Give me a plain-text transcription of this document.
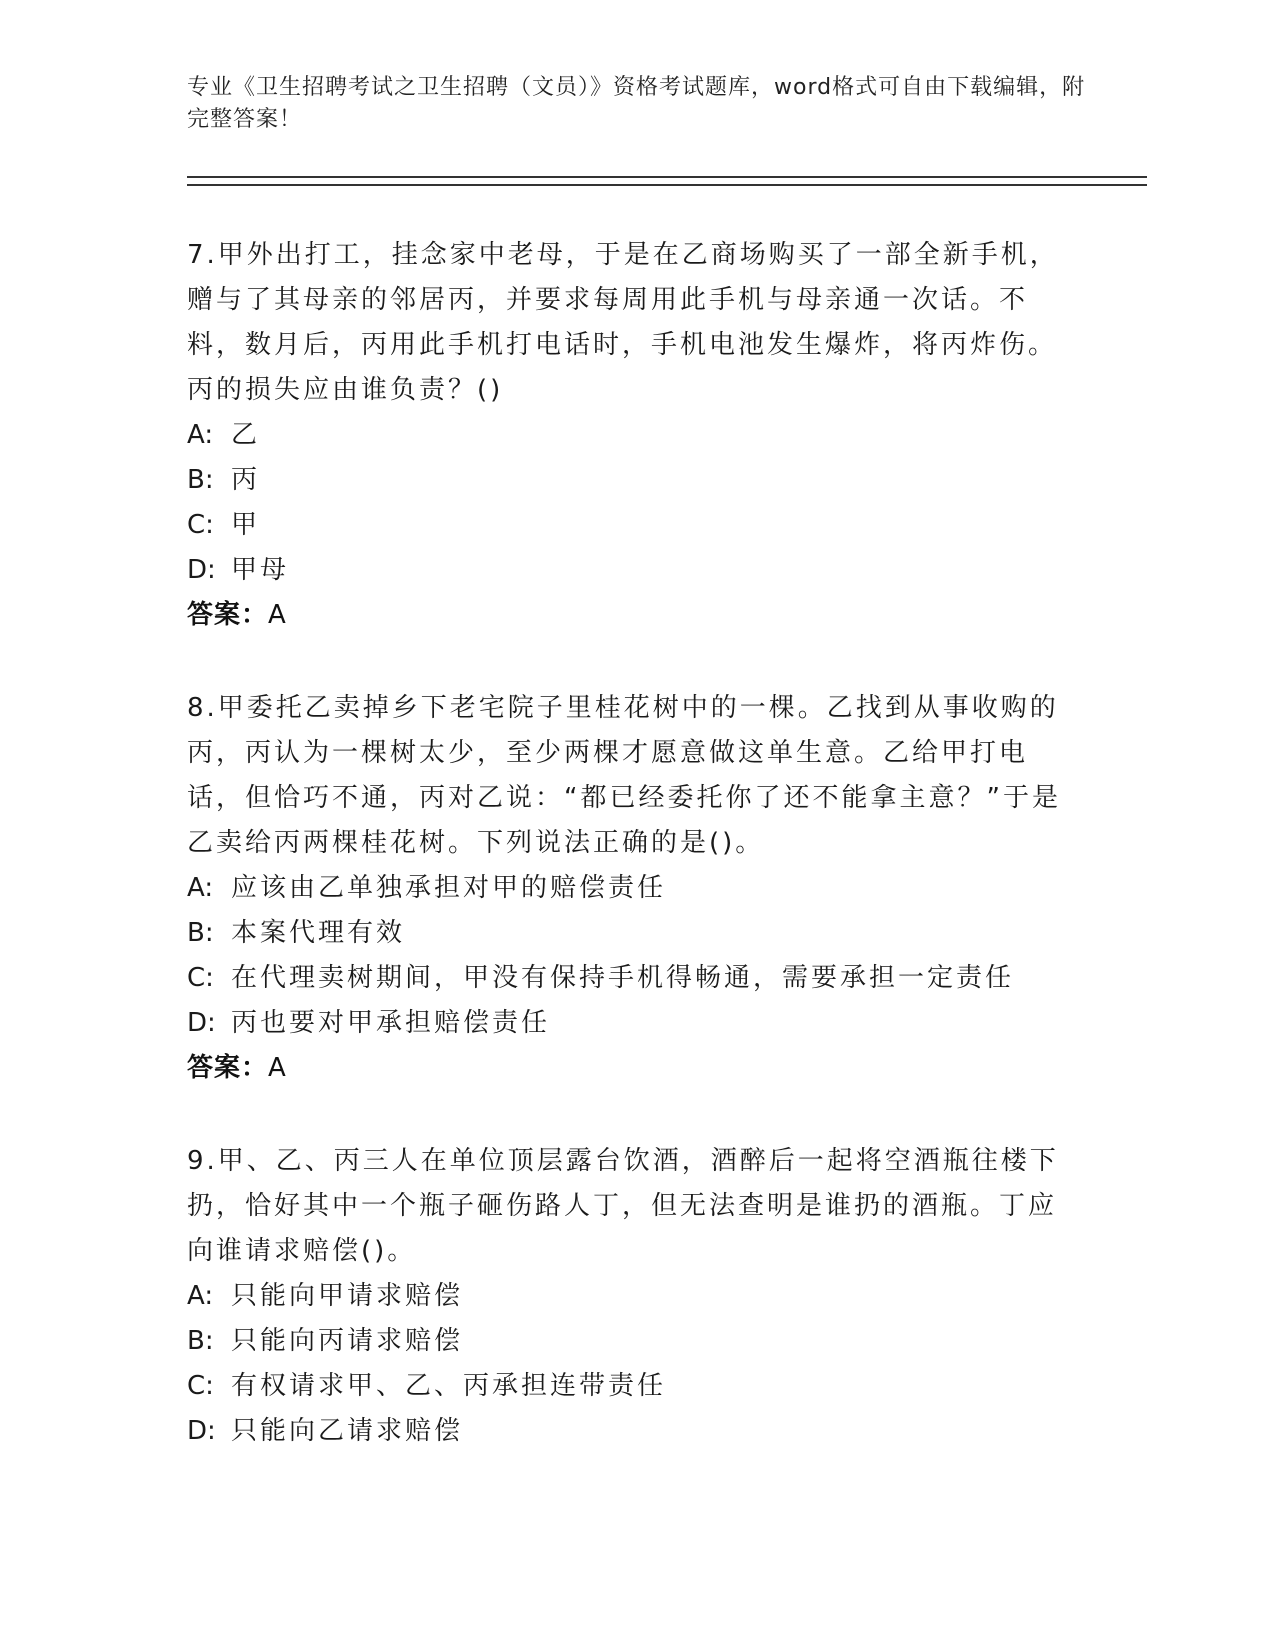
专业《卫生招聘考试之卫生招聘（文员）》资格考试题库，word格式可自由下载编辑，附完整答案！

7.甲外出打工，挂念家中老母，于是在乙商场购买了一部全新手机，赠与了其母亲的邻居丙，并要求每周用此手机与母亲通一次话。不料，数月后，丙用此手机打电话时，手机电池发生爆炸，将丙炸伤。丙的损失应由谁负责？()

A: 乙

B: 丙

C: 甲

D: 甲母

答案：A

8.甲委托乙卖掉乡下老宅院子里桂花树中的一棵。乙找到从事收购的丙，丙认为一棵树太少，至少两棵才愿意做这单生意。乙给甲打电话，但恰巧不通，丙对乙说：“都已经委托你了还不能拿主意？”于是乙卖给丙两棵桂花树。下列说法正确的是()。

A: 应该由乙单独承担对甲的赔偿责任

B: 本案代理有效

C: 在代理卖树期间，甲没有保持手机得畅通，需要承担一定责任

D: 丙也要对甲承担赔偿责任

答案：A

9.甲、乙、丙三人在单位顶层露台饮酒，酒醉后一起将空酒瓶往楼下扔，恰好其中一个瓶子砸伤路人丁，但无法查明是谁扔的酒瓶。丁应向谁请求赔偿()。

A: 只能向甲请求赔偿

B: 只能向丙请求赔偿

C: 有权请求甲、乙、丙承担连带责任

D: 只能向乙请求赔偿
